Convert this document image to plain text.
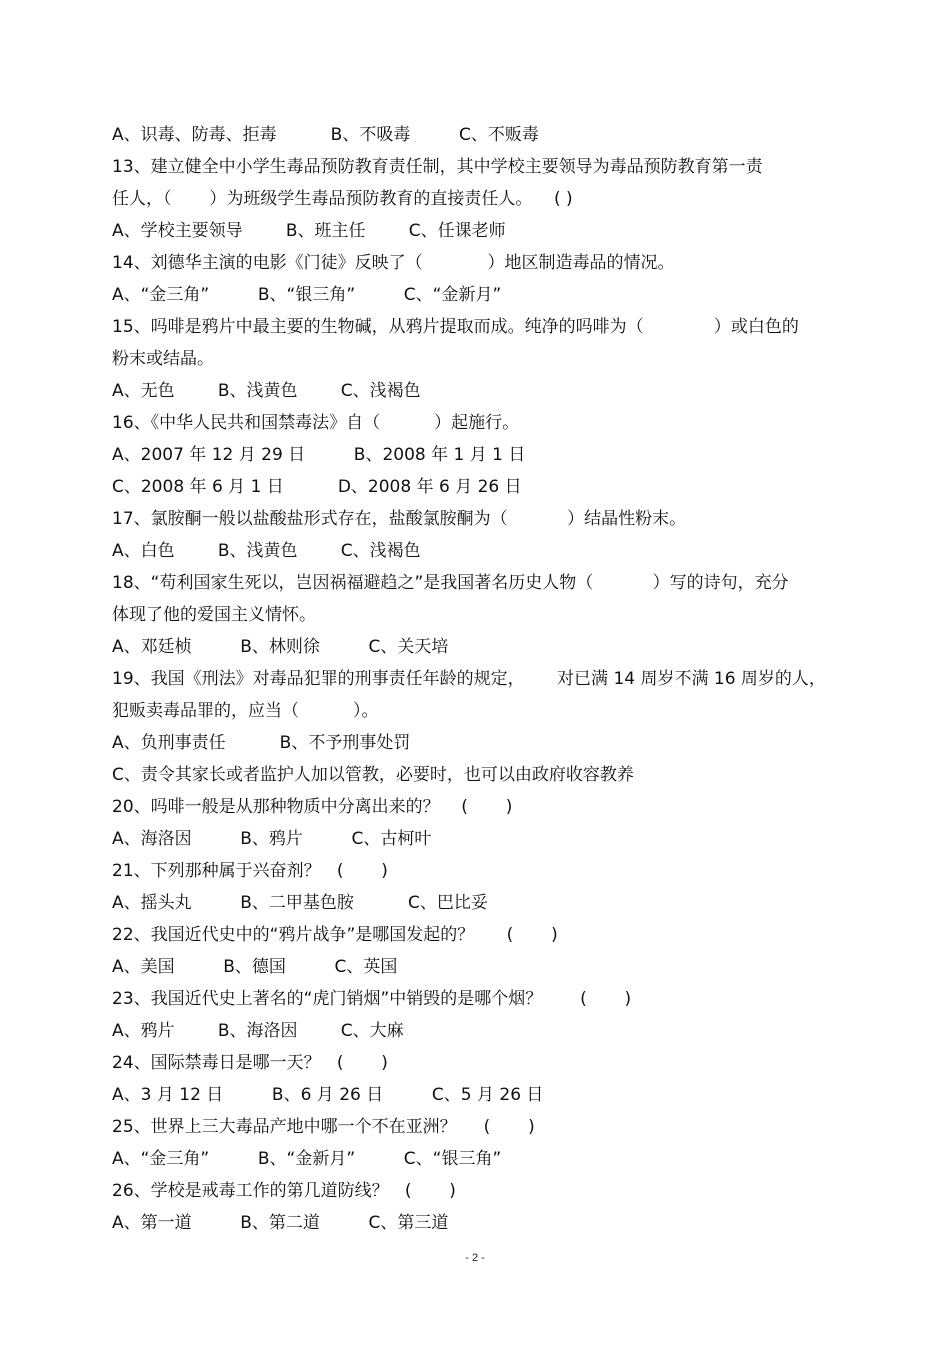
A、识毒、防毒、拒毒          B、不吸毒         C、不贩毒
13、建立健全中小学生毒品预防教育责任制，其中学校主要领导为毒品预防教育第一责
任人，（       ）为班级学生毒品预防教育的直接责任人。    ( )
A、学校主要领导        B、班主任        C、任课老师
14、刘德华主演的电影《门徒》反映了（            ）地区制造毒品的情况。
A、“金三角”         B、“银三角”         C、“金新月”
15、吗啡是鸦片中最主要的生物碱，从鸦片提取而成。纯净的吗啡为（             ）或白色的
粉末或结晶。
A、无色        B、浅黄色        C、浅褐色
16、《中华人民共和国禁毒法》自（          ）起施行。
A、2007 年 12 月 29 日         B、2008 年 1 月 1 日
C、2008 年 6 月 1 日          D、2008 年 6 月 26 日
17、氯胺酮一般以盐酸盐形式存在，盐酸氯胺酮为（           ）结晶性粉末。
A、白色        B、浅黄色        C、浅褐色
18、“苟利国家生死以，岂因祸福避趋之”是我国著名历史人物（           ）写的诗句，充分
体现了他的爱国主义情怀。
A、邓廷桢         B、林则徐         C、关天培
19、我国《刑法》对毒品犯罪的刑事责任年龄的规定，      对已满 14 周岁不满 16 周岁的人，
犯贩卖毒品罪的，应当（          ）。
A、负刑事责任          B、不予刑事处罚
C、责令其家长或者监护人加以管教，必要时，也可以由政府收容教养
20、吗啡一般是从那种物质中分离出来的？    (       )
A、海洛因         B、鸦片         C、古柯叶
21、下列那种属于兴奋剂？   (       )
A、摇头丸         B、二甲基色胺          C、巴比妥
22、我国近代史中的“鸦片战争”是哪国发起的？      (       )
A、美国         B、德国         C、英国
23、我国近代史上著名的“虎门销烟”中销毁的是哪个烟？       (       )
A、鸦片        B、海洛因        C、大麻
24、国际禁毒日是哪一天？   (       )
A、3 月 12 日         B、6 月 26 日         C、5 月 26 日
25、世界上三大毒品产地中哪一个不在亚洲？     (       )
A、“金三角”         B、“金新月”         C、“银三角”
26、学校是戒毒工作的第几道防线？   (       )
A、第一道         B、第二道         C、第三道
- 2 -
